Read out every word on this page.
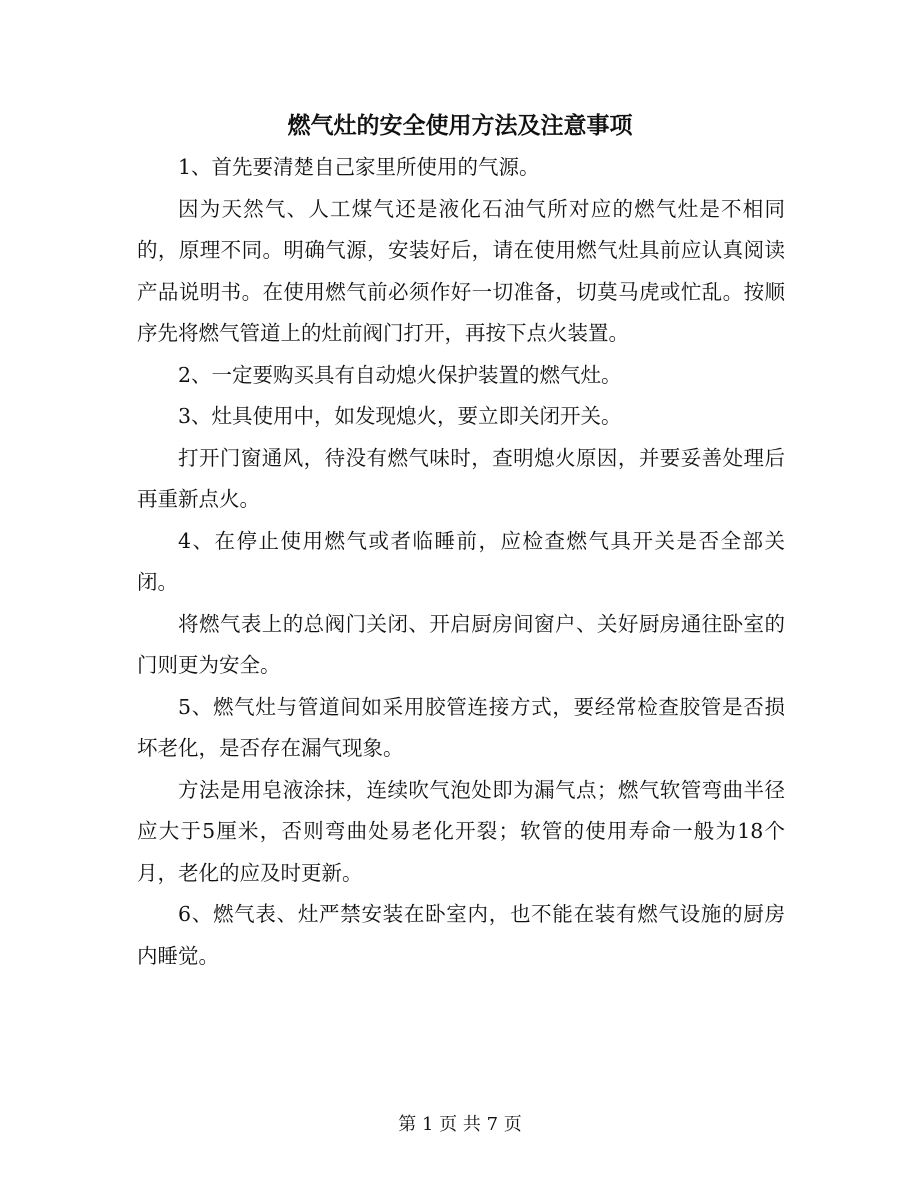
燃气灶的安全使用方法及注意事项

1、首先要清楚自己家里所使用的气源。

因为天然气、人工煤气还是液化石油气所对应的燃气灶是不相同的，原理不同。明确气源，安装好后，请在使用燃气灶具前应认真阅读产品说明书。在使用燃气前必须作好一切准备，切莫马虎或忙乱。按顺序先将燃气管道上的灶前阀门打开，再按下点火装置。

2、一定要购买具有自动熄火保护装置的燃气灶。

3、灶具使用中，如发现熄火，要立即关闭开关。

打开门窗通风，待没有燃气味时，查明熄火原因，并要妥善处理后再重新点火。

4、在停止使用燃气或者临睡前，应检查燃气具开关是否全部关闭。

将燃气表上的总阀门关闭、开启厨房间窗户、关好厨房通往卧室的门则更为安全。

5、燃气灶与管道间如采用胶管连接方式，要经常检查胶管是否损坏老化，是否存在漏气现象。

方法是用皂液涂抹，连续吹气泡处即为漏气点；燃气软管弯曲半径应大于5厘米，否则弯曲处易老化开裂；软管的使用寿命一般为18个月，老化的应及时更新。

6、燃气表、灶严禁安装在卧室内，也不能在装有燃气设施的厨房内睡觉。

第 1 页 共 7 页
